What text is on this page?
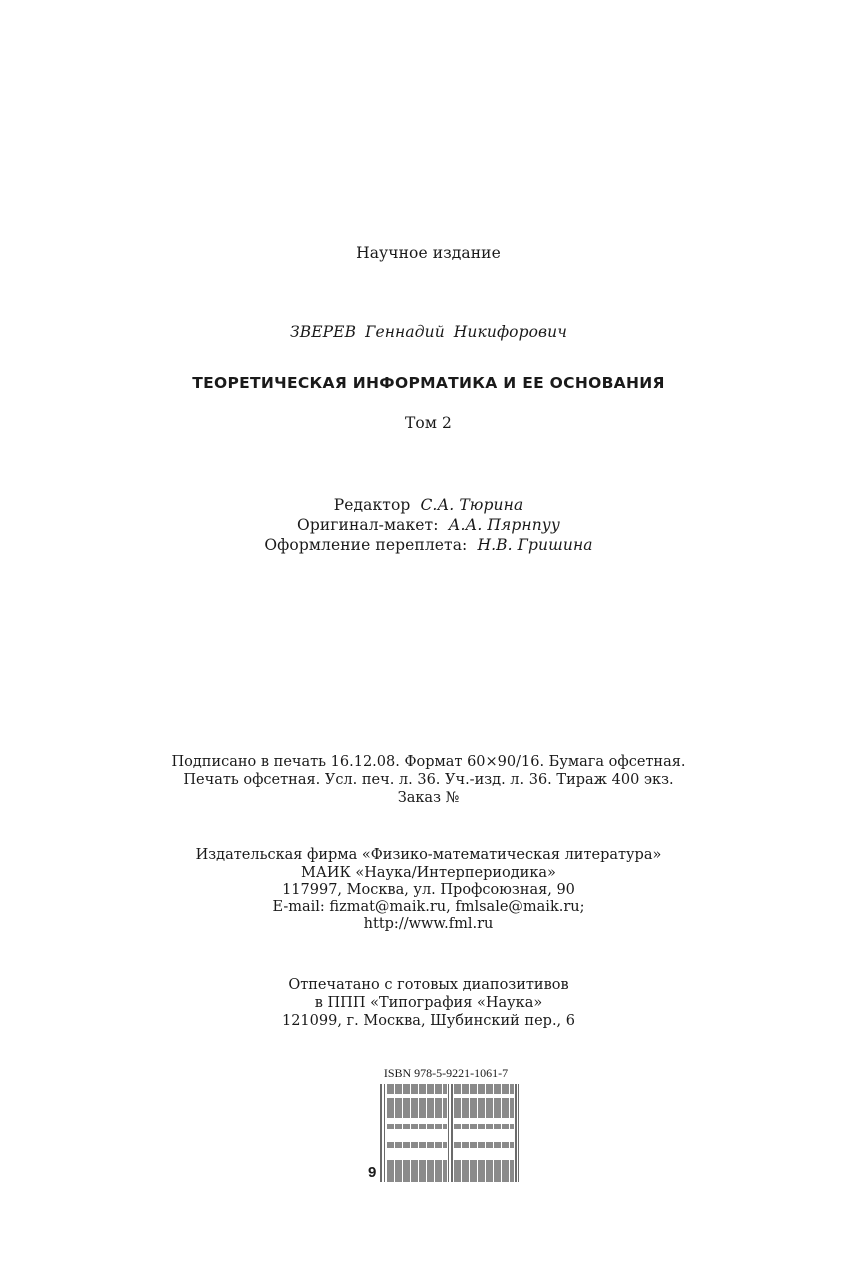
Научное издание
ЗВЕРЕВ Геннадий Никифорович
ТЕОРЕТИЧЕСКАЯ ИНФОРМАТИКА И ЕЕ ОСНОВАНИЯ
Том 2
Редактор С.А. Тюрина
Оригинал-макет: А.А. Пярнпуу
Оформление переплета: Н.В. Гришина
Подписано в печать 16.12.08. Формат 60×90/16. Бумага офсетная.
Печать офсетная. Усл. печ. л. 36. Уч.-изд. л. 36. Тираж 400 экз.
Заказ №
Издательская фирма «Физико-математическая литература»
МАИК «Наука/Интерпериодика»
117997, Москва, ул. Профсоюзная, 90
E-mail: fizmat@maik.ru, fmlsale@maik.ru;
http://www.fml.ru
Отпечатано с готовых диапозитивов
в ППП «Типография «Наука»
121099, г. Москва, Шубинский пер., 6
ISBN 978-5-9221-1061-7
9
